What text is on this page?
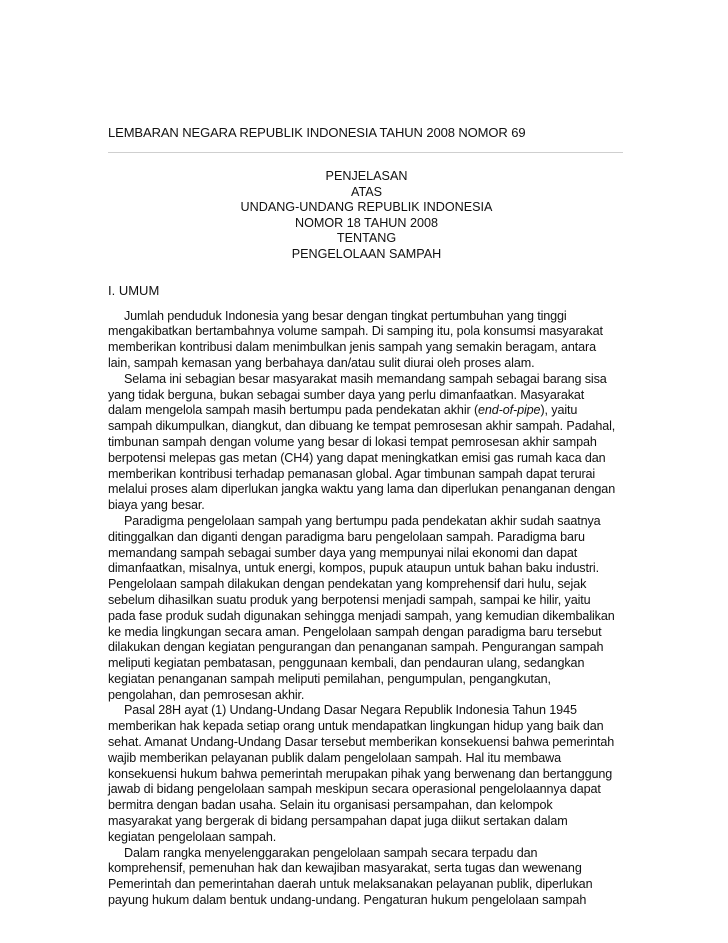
LEMBARAN NEGARA REPUBLIK INDONESIA TAHUN 2008 NOMOR 69
PENJELASAN
ATAS
UNDANG-UNDANG REPUBLIK INDONESIA
NOMOR 18 TAHUN 2008
TENTANG
PENGELOLAAN SAMPAH
I. UMUM
Jumlah penduduk Indonesia yang besar dengan tingkat pertumbuhan yang tinggi
mengakibatkan bertambahnya volume sampah. Di samping itu, pola konsumsi masyarakat
memberikan kontribusi dalam menimbulkan jenis sampah yang semakin beragam, antara
lain, sampah kemasan yang berbahaya dan/atau sulit diurai oleh proses alam.
Selama ini sebagian besar masyarakat masih memandang sampah sebagai barang sisa
yang tidak berguna, bukan sebagai sumber daya yang perlu dimanfaatkan. Masyarakat
dalam mengelola sampah masih bertumpu pada pendekatan akhir (end-of-pipe), yaitu
sampah dikumpulkan, diangkut, dan dibuang ke tempat pemrosesan akhir sampah. Padahal,
timbunan sampah dengan volume yang besar di lokasi tempat pemrosesan akhir sampah
berpotensi melepas gas metan (CH4) yang dapat meningkatkan emisi gas rumah kaca dan
memberikan kontribusi terhadap pemanasan global. Agar timbunan sampah dapat terurai
melalui proses alam diperlukan jangka waktu yang lama dan diperlukan penanganan dengan
biaya yang besar.
Paradigma pengelolaan sampah yang bertumpu pada pendekatan akhir sudah saatnya
ditinggalkan dan diganti dengan paradigma baru pengelolaan sampah. Paradigma baru
memandang sampah sebagai sumber daya yang mempunyai nilai ekonomi dan dapat
dimanfaatkan, misalnya, untuk energi, kompos, pupuk ataupun untuk bahan baku industri.
Pengelolaan sampah dilakukan dengan pendekatan yang komprehensif dari hulu, sejak
sebelum dihasilkan suatu produk yang berpotensi menjadi sampah, sampai ke hilir, yaitu
pada fase produk sudah digunakan sehingga menjadi sampah, yang kemudian dikembalikan
ke media lingkungan secara aman. Pengelolaan sampah dengan paradigma baru tersebut
dilakukan dengan kegiatan pengurangan dan penanganan sampah. Pengurangan sampah
meliputi kegiatan pembatasan, penggunaan kembali, dan pendauran ulang, sedangkan
kegiatan penanganan sampah meliputi pemilahan, pengumpulan, pengangkutan,
pengolahan, dan pemrosesan akhir.
Pasal 28H ayat (1) Undang-Undang Dasar Negara Republik Indonesia Tahun 1945
memberikan hak kepada setiap orang untuk mendapatkan lingkungan hidup yang baik dan
sehat. Amanat Undang-Undang Dasar tersebut memberikan konsekuensi bahwa pemerintah
wajib memberikan pelayanan publik dalam pengelolaan sampah. Hal itu membawa
konsekuensi hukum bahwa pemerintah merupakan pihak yang berwenang dan bertanggung
jawab di bidang pengelolaan sampah meskipun secara operasional pengelolaannya dapat
bermitra dengan badan usaha. Selain itu organisasi persampahan, dan kelompok
masyarakat yang bergerak di bidang persampahan dapat juga diikut sertakan dalam
kegiatan pengelolaan sampah.
Dalam rangka menyelenggarakan pengelolaan sampah secara terpadu dan
komprehensif, pemenuhan hak dan kewajiban masyarakat, serta tugas dan wewenang
Pemerintah dan pemerintahan daerah untuk melaksanakan pelayanan publik, diperlukan
payung hukum dalam bentuk undang-undang. Pengaturan hukum pengelolaan sampah
